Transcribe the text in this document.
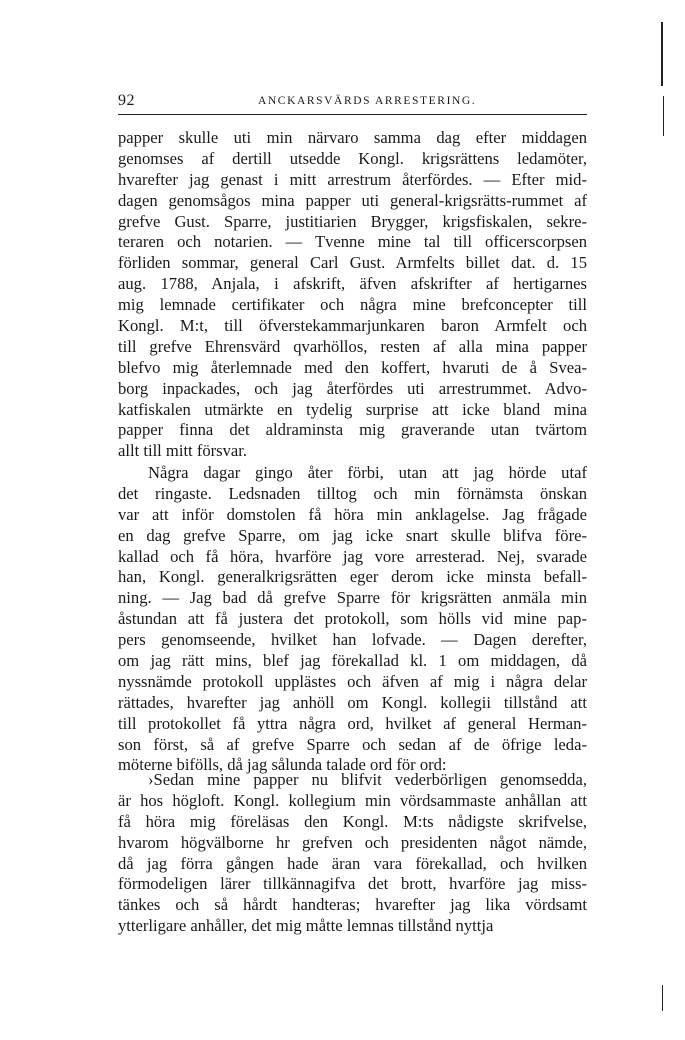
92	ANCKARSVÄRDS ARRESTERING.
papper skulle uti min närvaro samma dag efter middagen
genomses af dertill utsedde Kongl. krigsrättens ledamöter,
hvarefter jag genast i mitt arrestrum återfördes. — Efter mid-
dagen genomsågos mina papper uti general-krigsrätts-rummet af
grefve Gust. Sparre, justitiarien Brygger, krigsfiskalen, sekre-
teraren och notarien. — Tvenne mine tal till officerscorpsen
förliden sommar, general Carl Gust. Armfelts billet dat. d. 15
aug. 1788, Anjala, i afskrift, äfven afskrifter af hertigarnes
mig lemnade certifikater och några mine brefconcepter till
Kongl. M:t, till öfverstekammarjunkaren baron Armfelt och
till grefve Ehrensvärd qvarhöllos, resten af alla mina papper
blefvo mig återlemnade med den koffert, hvaruti de å Svea-
borg inpackades, och jag återfördes uti arrestrummet. Advo-
katfiskalen utmärkte en tydelig surprise att icke bland mina
papper finna det aldraminsta mig graverande utan tvärtom
allt till mitt försvar.
Några dagar gingo åter förbi, utan att jag hörde utaf
det ringaste. Ledsnaden tilltog och min förnämsta önskan
var att inför domstolen få höra min anklagelse. Jag frågade
en dag grefve Sparre, om jag icke snart skulle blifva före-
kallad och få höra, hvarföre jag vore arresterad. Nej, svarade
han, Kongl. generalkrigsrätten eger derom icke minsta befall-
ning. — Jag bad då grefve Sparre för krigsrätten anmäla min
åstundan att få justera det protokoll, som hölls vid mine pap-
pers genomseende, hvilket han lofvade. — Dagen derefter,
om jag rätt mins, blef jag förekallad kl. 1 om middagen, då
nyssnämde protokoll upplästes och äfven af mig i några delar
rättades, hvarefter jag anhöll om Kongl. kollegii tillstånd att
till protokollet få yttra några ord, hvilket af general Herman-
son först, så af grefve Sparre och sedan af de öfrige leda-
möterne bifölls, då jag sålunda talade ord för ord:
›Sedan mine papper nu blifvit vederbörligen genomsedda,
är hos högloft. Kongl. kollegium min vördsammaste anhållan att
få höra mig föreläsas den Kongl. M:ts nådigste skrifvelse,
hvarom högvälborne hr grefven och presidenten något nämde,
då jag förra gången hade äran vara förekallad, och hvilken
förmodeligen lärer tillkännagifva det brott, hvarföre jag miss-
tänkes och så hårdt handteras; hvarefter jag lika vördsamt
ytterligare anhåller, det mig måtte lemnas tillstånd nyttja
